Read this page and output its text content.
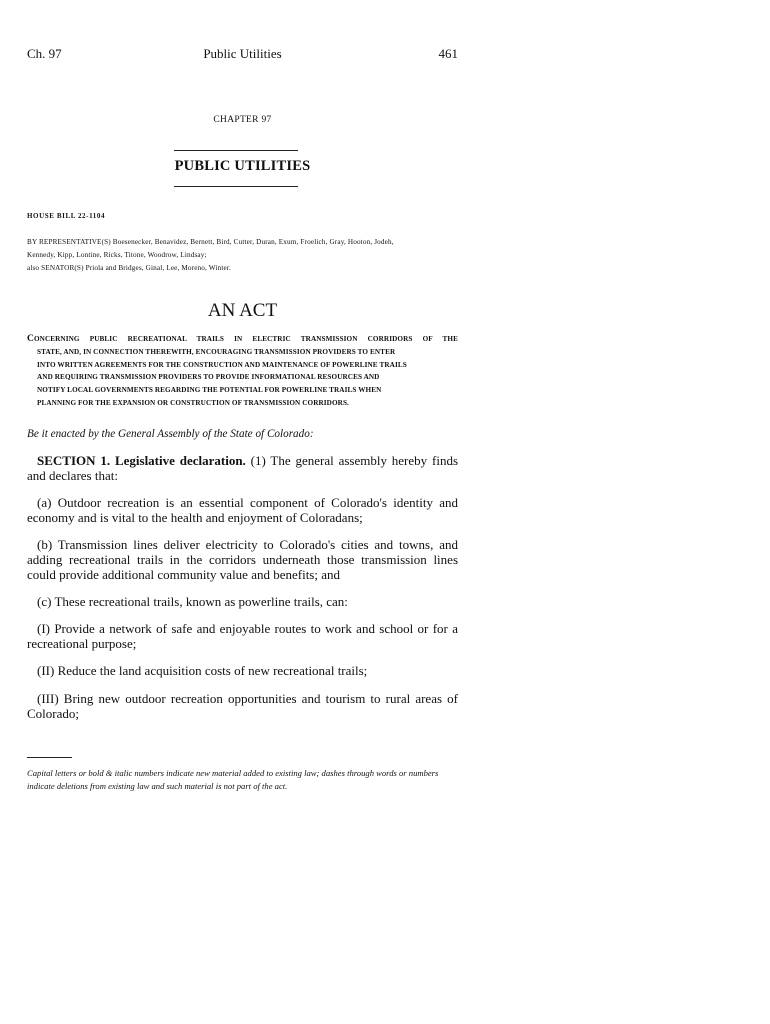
Ch. 97	Public Utilities	461
CHAPTER 97
PUBLIC UTILITIES
HOUSE BILL 22-1104
BY REPRESENTATIVE(S) Boesenecker, Benavidez, Bernett, Bird, Cutter, Duran, Exum, Froelich, Gray, Hooton, Jodeh,
Kennedy, Kipp, Lontine, Ricks, Titone, Woodrow, Lindsay;
also SENATOR(S) Priola and Bridges, Ginal, Lee, Moreno, Winter.
AN ACT
CONCERNING PUBLIC RECREATIONAL TRAILS IN ELECTRIC TRANSMISSION CORRIDORS OF THE
STATE, AND, IN CONNECTION THEREWITH, ENCOURAGING TRANSMISSION PROVIDERS TO ENTER
INTO WRITTEN AGREEMENTS FOR THE CONSTRUCTION AND MAINTENANCE OF POWERLINE TRAILS
AND REQUIRING TRANSMISSION PROVIDERS TO PROVIDE INFORMATIONAL RESOURCES AND
NOTIFY LOCAL GOVERNMENTS REGARDING THE POTENTIAL FOR POWERLINE TRAILS WHEN
PLANNING FOR THE EXPANSION OR CONSTRUCTION OF TRANSMISSION CORRIDORS.
Be it enacted by the General Assembly of the State of Colorado:
SECTION 1. Legislative declaration. (1) The general assembly hereby finds and declares that:
(a) Outdoor recreation is an essential component of Colorado's identity and economy and is vital to the health and enjoyment of Coloradans;
(b) Transmission lines deliver electricity to Colorado's cities and towns, and adding recreational trails in the corridors underneath those transmission lines could provide additional community value and benefits; and
(c) These recreational trails, known as powerline trails, can:
(I) Provide a network of safe and enjoyable routes to work and school or for a recreational purpose;
(II) Reduce the land acquisition costs of new recreational trails;
(III) Bring new outdoor recreation opportunities and tourism to rural areas of Colorado;
Capital letters or bold & italic numbers indicate new material added to existing law; dashes through words or numbers indicate deletions from existing law and such material is not part of the act.
